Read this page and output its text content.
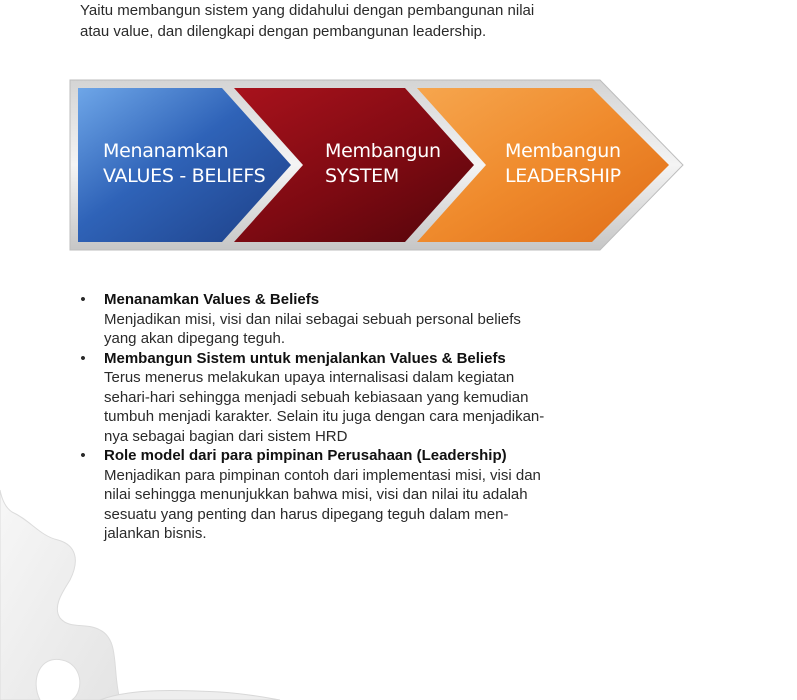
Yaitu membangun sistem yang didahului dengan pembangunan nilai

atau value, dan dilengkapi dengan pembangunan leadership.

Menanamkan
VALUES - BELIEFS
Membangun
SYSTEM
Membangun
LEADERSHIP
• Menanamkan Values & Beliefs
Menjadikan misi, visi dan nilai sebagai sebuah personal beliefs
yang akan dipegang teguh.
• Membangun Sistem untuk menjalankan Values & Beliefs
Terus menerus melakukan upaya internalisasi dalam kegiatan
sehari-hari sehingga menjadi sebuah kebiasaan yang kemudian
tumbuh menjadi karakter. Selain itu juga dengan cara menjadikan-
nya sebagai bagian dari sistem HRD
• Role model dari para pimpinan Perusahaan (Leadership)
Menjadikan para pimpinan contoh dari implementasi misi, visi dan
nilai sehingga menunjukkan bahwa misi, visi dan nilai itu adalah
sesuatu yang penting dan harus dipegang teguh dalam men-
jalankan bisnis.
